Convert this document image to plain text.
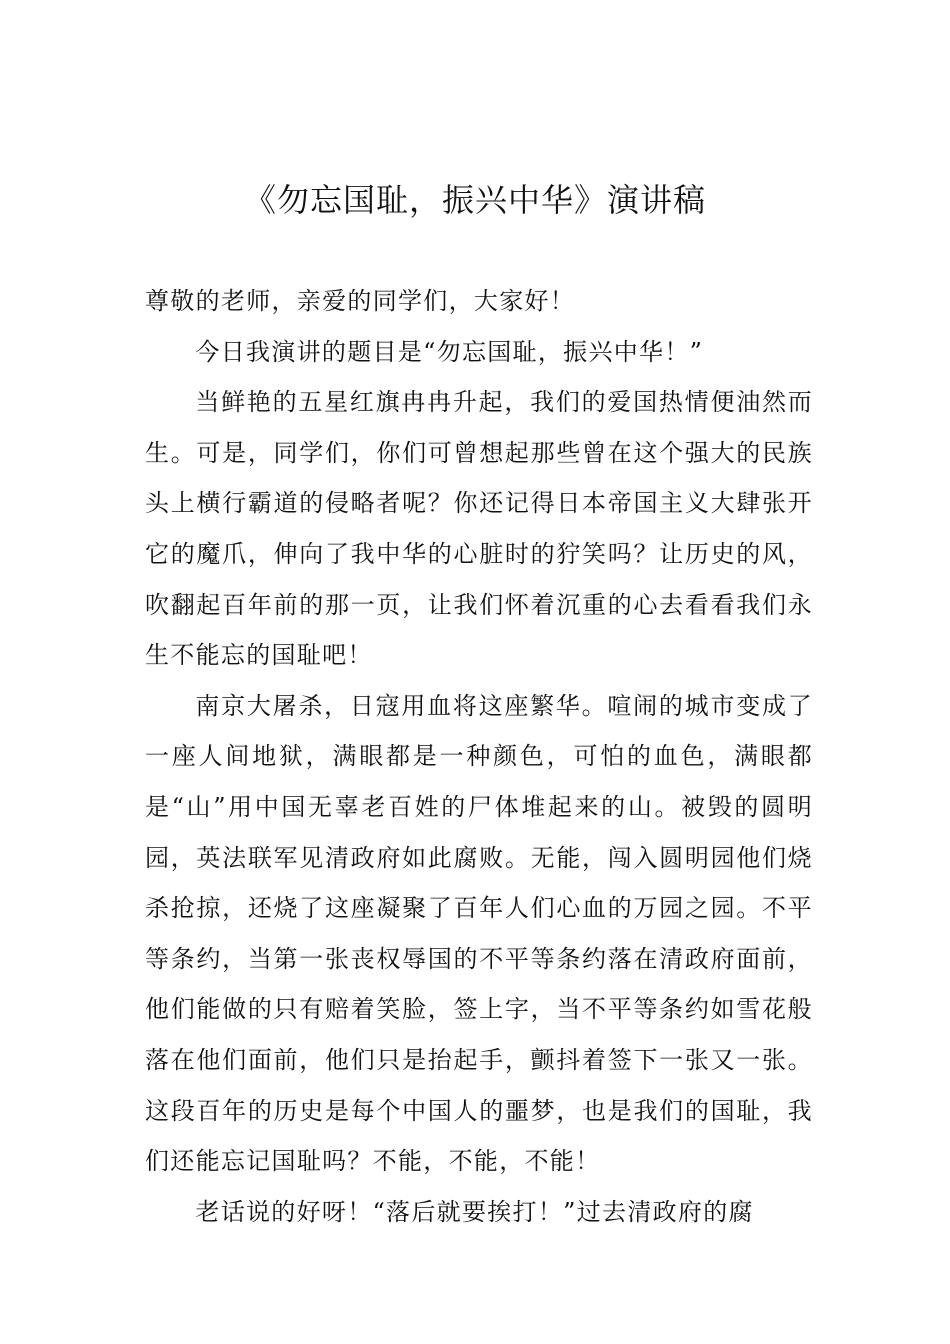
《勿忘国耻，振兴中华》演讲稿

尊敬的老师，亲爱的同学们，大家好！

今日我演讲的题目是“勿忘国耻，振兴中华！”

当鲜艳的五星红旗冉冉升起，我们的爱国热情便油然而生。可是，同学们，你们可曾想起那些曾在这个强大的民族头上横行霸道的侵略者呢？你还记得日本帝国主义大肆张开它的魔爪，伸向了我中华的心脏时的狞笑吗？让历史的风，吹翻起百年前的那一页，让我们怀着沉重的心去看看我们永生不能忘的国耻吧！

南京大屠杀，日寇用血将这座繁华。喧闹的城市变成了一座人间地狱，满眼都是一种颜色，可怕的血色，满眼都是“山”用中国无辜老百姓的尸体堆起来的山。被毁的圆明园，英法联军见清政府如此腐败。无能，闯入圆明园他们烧杀抢掠，还烧了这座凝聚了百年人们心血的万园之园。不平等条约，当第一张丧权辱国的不平等条约落在清政府面前，他们能做的只有赔着笑脸，签上字，当不平等条约如雪花般落在他们面前，他们只是抬起手，颤抖着签下一张又一张。这段百年的历史是每个中国人的噩梦，也是我们的国耻，我们还能忘记国耻吗？不能，不能，不能！

老话说的好呀！“落后就要挨打！”过去清政府的腐
